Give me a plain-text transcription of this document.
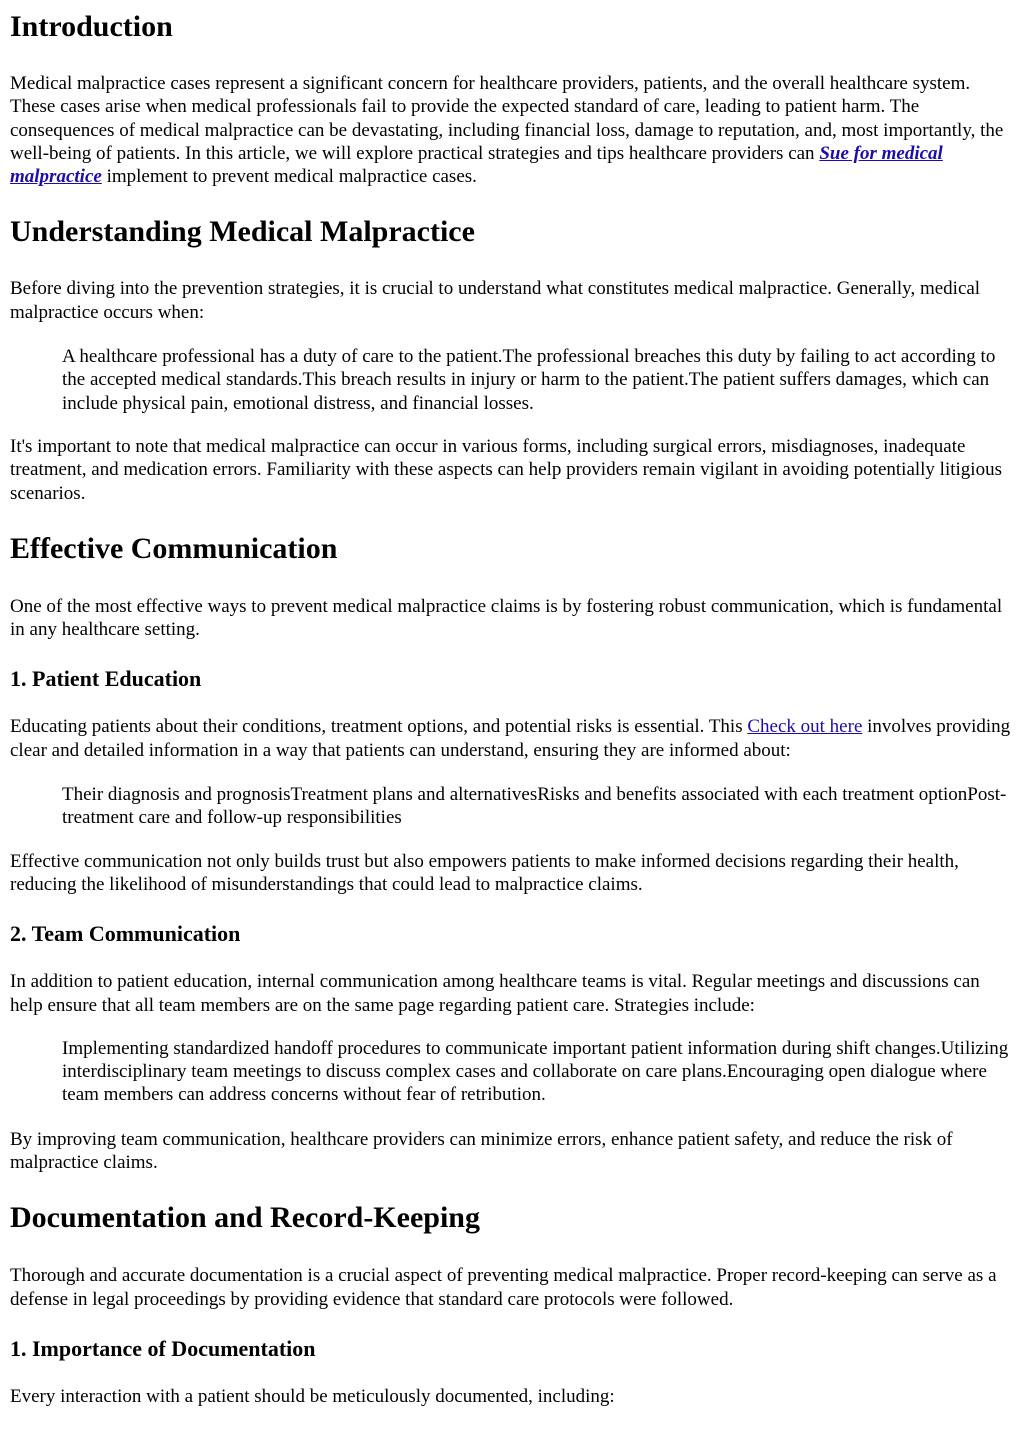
Introduction

Medical malpractice cases represent a significant concern for healthcare providers, patients, and the overall healthcare system. These cases arise when medical professionals fail to provide the expected standard of care, leading to patient harm. The consequences of medical malpractice can be devastating, including financial loss, damage to reputation, and, most importantly, the well-being of patients. In this article, we will explore practical strategies and tips healthcare providers can Sue for medical malpractice implement to prevent medical malpractice cases.

Understanding Medical Malpractice

Before diving into the prevention strategies, it is crucial to understand what constitutes medical malpractice. Generally, medical malpractice occurs when:

A healthcare professional has a duty of care to the patient.The professional breaches this duty by failing to act according to the accepted medical standards.This breach results in injury or harm to the patient.The patient suffers damages, which can include physical pain, emotional distress, and financial losses.

It's important to note that medical malpractice can occur in various forms, including surgical errors, misdiagnoses, inadequate treatment, and medication errors. Familiarity with these aspects can help providers remain vigilant in avoiding potentially litigious scenarios.

Effective Communication

One of the most effective ways to prevent medical malpractice claims is by fostering robust communication, which is fundamental in any healthcare setting.

1. Patient Education

Educating patients about their conditions, treatment options, and potential risks is essential. This Check out here involves providing clear and detailed information in a way that patients can understand, ensuring they are informed about:

Their diagnosis and prognosisTreatment plans and alternativesRisks and benefits associated with each treatment optionPost-treatment care and follow-up responsibilities

Effective communication not only builds trust but also empowers patients to make informed decisions regarding their health, reducing the likelihood of misunderstandings that could lead to malpractice claims.

2. Team Communication

In addition to patient education, internal communication among healthcare teams is vital. Regular meetings and discussions can help ensure that all team members are on the same page regarding patient care. Strategies include:

Implementing standardized handoff procedures to communicate important patient information during shift changes.Utilizing interdisciplinary team meetings to discuss complex cases and collaborate on care plans.Encouraging open dialogue where team members can address concerns without fear of retribution.

By improving team communication, healthcare providers can minimize errors, enhance patient safety, and reduce the risk of malpractice claims.

Documentation and Record-Keeping

Thorough and accurate documentation is a crucial aspect of preventing medical malpractice. Proper record-keeping can serve as a defense in legal proceedings by providing evidence that standard care protocols were followed.

1. Importance of Documentation

Every interaction with a patient should be meticulously documented, including:
